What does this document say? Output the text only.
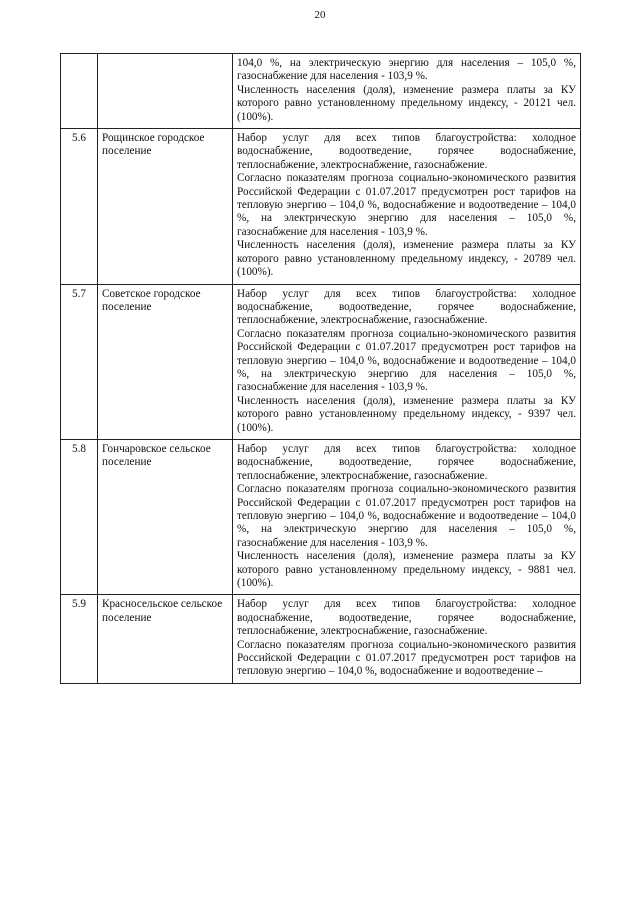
20

		104,0 %, на электрическую энергию для населения – 105,0 %, газоснабжение для населения - 103,9 %.
Численность населения (доля), изменение размера платы за КУ которого равно установленному предельному индексу, - 20121 чел. (100%).

5.6	Рощинское городское поселение	Набор услуг для всех типов благоустройства: холодное водоснабжение, водоотведение, горячее водоснабжение, теплоснабжение, электроснабжение, газоснабжение.
Согласно показателям прогноза социально-экономического развития Российской Федерации с 01.07.2017 предусмотрен рост тарифов на тепловую энергию – 104,0 %, водоснабжение и водоотведение – 104,0 %, на электрическую энергию для населения – 105,0 %, газоснабжение для населения - 103,9 %.
Численность населения (доля), изменение размера платы за КУ которого равно установленному предельному индексу, - 20789 чел. (100%).

5.7	Советское городское поселение	Набор услуг для всех типов благоустройства: холодное водоснабжение, водоотведение, горячее водоснабжение, теплоснабжение, электроснабжение, газоснабжение.
Согласно показателям прогноза социально-экономического развития Российской Федерации с 01.07.2017 предусмотрен рост тарифов на тепловую энергию – 104,0 %, водоснабжение и водоотведение – 104,0 %, на электрическую энергию для населения – 105,0 %, газоснабжение для населения - 103,9 %.
Численность населения (доля), изменение размера платы за КУ которого равно установленному предельному индексу, - 9397 чел. (100%).

5.8	Гончаровское сельское поселение	Набор услуг для всех типов благоустройства: холодное водоснабжение, водоотведение, горячее водоснабжение, теплоснабжение, электроснабжение, газоснабжение.
Согласно показателям прогноза социально-экономического развития Российской Федерации с 01.07.2017 предусмотрен рост тарифов на тепловую энергию – 104,0 %, водоснабжение и водоотведение – 104,0 %, на электрическую энергию для населения – 105,0 %, газоснабжение для населения - 103,9 %.
Численность населения (доля), изменение размера платы за КУ которого равно установленному предельному индексу, - 9881 чел. (100%).

5.9	Красносельское сельское поселение	Набор услуг для всех типов благоустройства: холодное водоснабжение, водоотведение, горячее водоснабжение, теплоснабжение, электроснабжение, газоснабжение.
Согласно показателям прогноза социально-экономического развития Российской Федерации с 01.07.2017 предусмотрен рост тарифов на тепловую энергию – 104,0 %, водоснабжение и водоотведение –
